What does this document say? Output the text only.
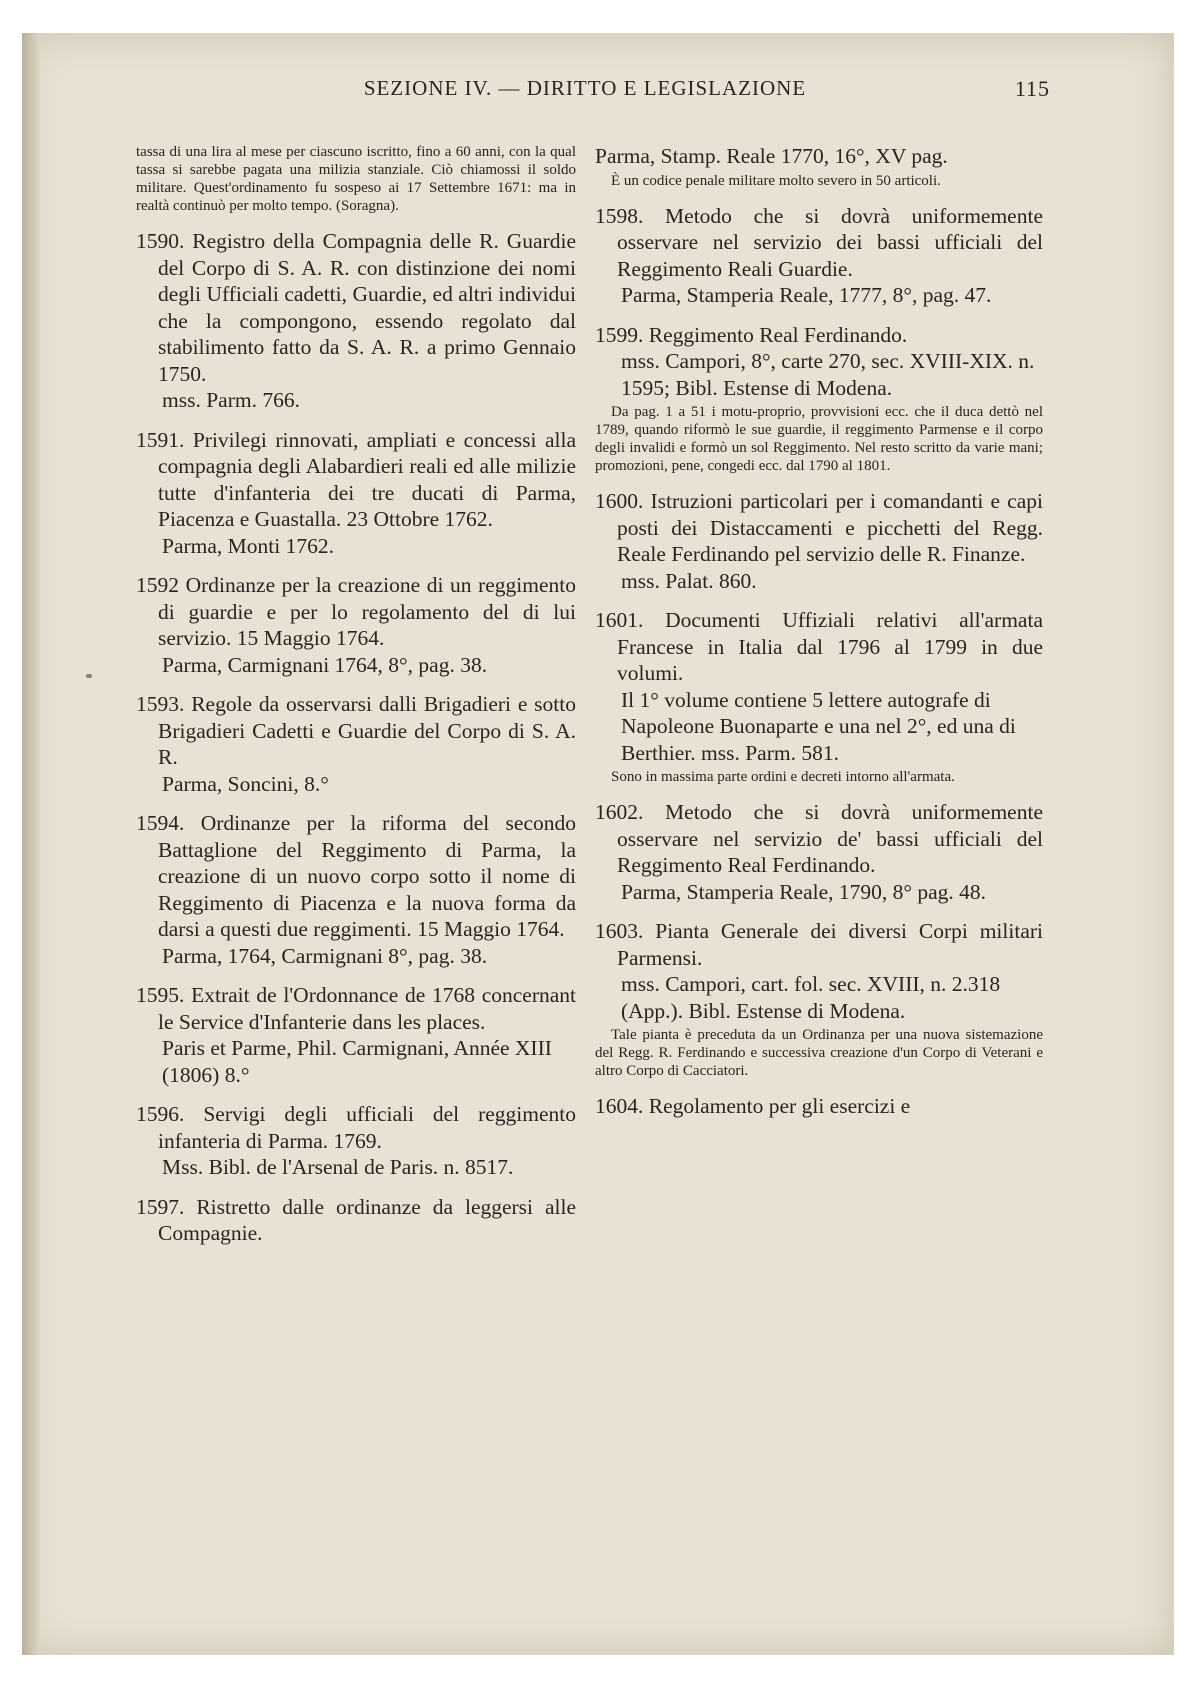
SEZIONE IV. — DIRITTO E LEGISLAZIONE	115

tassa di una lira al mese per ciascuno iscritto, fino a 60 anni, con la qual tassa si sarebbe pagata una milizia stanziale. Ciò chiamossi il soldo militare. Quest'ordinamento fu sospeso ai 17 Settembre 1671: ma in realtà continuò per molto tempo. (Soragna).

1590. Registro della Compagnia delle R. Guardie del Corpo di S. A. R. con distinzione dei nomi degli Ufficiali cadetti, Guardie, ed altri individui che la compongono, essendo regolato dal stabilimento fatto da S. A. R. a primo Gennaio 1750.

mss. Parm. 766.

1591. Privilegi rinnovati, ampliati e concessi alla compagnia degli Alabardieri reali ed alle milizie tutte d'infanteria dei tre ducati di Parma, Piacenza e Guastalla. 23 Ottobre 1762.

Parma, Monti 1762.

1592 Ordinanze per la creazione di un reggimento di guardie e per lo regolamento del di lui servizio. 15 Maggio 1764.

Parma, Carmignani 1764, 8°, pag. 38.

1593. Regole da osservarsi dalli Brigadieri e sotto Brigadieri Cadetti e Guardie del Corpo di S. A. R.

Parma, Soncini, 8.°

1594. Ordinanze per la riforma del secondo Battaglione del Reggimento di Parma, la creazione di un nuovo corpo sotto il nome di Reggimento di Piacenza e la nuova forma da darsi a questi due reggimenti. 15 Maggio 1764.

Parma, 1764, Carmignani 8°, pag. 38.

1595. Extrait de l'Ordonnance de 1768 concernant le Service d'Infanterie dans les places.

Paris et Parme, Phil. Carmignani, Année XIII (1806) 8.°

1596. Servigi degli ufficiali del reggimento infanteria di Parma. 1769.

Mss. Bibl. de l'Arsenal de Paris. n. 8517.

1597. Ristretto dalle ordinanze da leggersi alle Compagnie.

Parma, Stamp. Reale 1770, 16°, XV pag.

È un codice penale militare molto severo in 50 articoli.

1598. Metodo che si dovrà uniformemente osservare nel servizio dei bassi ufficiali del Reggimento Reali Guardie.

Parma, Stamperia Reale, 1777, 8°, pag. 47.

1599. Reggimento Real Ferdinando.

mss. Campori, 8°, carte 270, sec. XVIII-XIX. n. 1595; Bibl. Estense di Modena.

Da pag. 1 a 51 i motu-proprio, provvisioni ecc. che il duca dettò nel 1789, quando riformò le sue guardie, il reggimento Parmense e il corpo degli invalidi e formò un sol Reggimento. Nel resto scritto da varie mani; promozioni, pene, congedi ecc. dal 1790 al 1801.

1600. Istruzioni particolari per i comandanti e capi posti dei Distaccamenti e picchetti del Regg. Reale Ferdinando pel servizio delle R. Finanze.

mss. Palat. 860.

1601. Documenti Uffiziali relativi all'armata Francese in Italia dal 1796 al 1799 in due volumi.

Il 1° volume contiene 5 lettere autografe di Napoleone Buonaparte e una nel 2°, ed una di Berthier. mss. Parm. 581.

Sono in massima parte ordini e decreti intorno all'armata.

1602. Metodo che si dovrà uniformemente osservare nel servizio de' bassi ufficiali del Reggimento Real Ferdinando.

Parma, Stamperia Reale, 1790, 8° pag. 48.

1603. Pianta Generale dei diversi Corpi militari Parmensi.

mss. Campori, cart. fol. sec. XVIII, n. 2.318 (App.). Bibl. Estense di Modena.

Tale pianta è preceduta da un Ordinanza per una nuova sistemazione del Regg. R. Ferdinando e successiva creazione d'un Corpo di Veterani e altro Corpo di Cacciatori.

1604. Regolamento per gli esercizi e
